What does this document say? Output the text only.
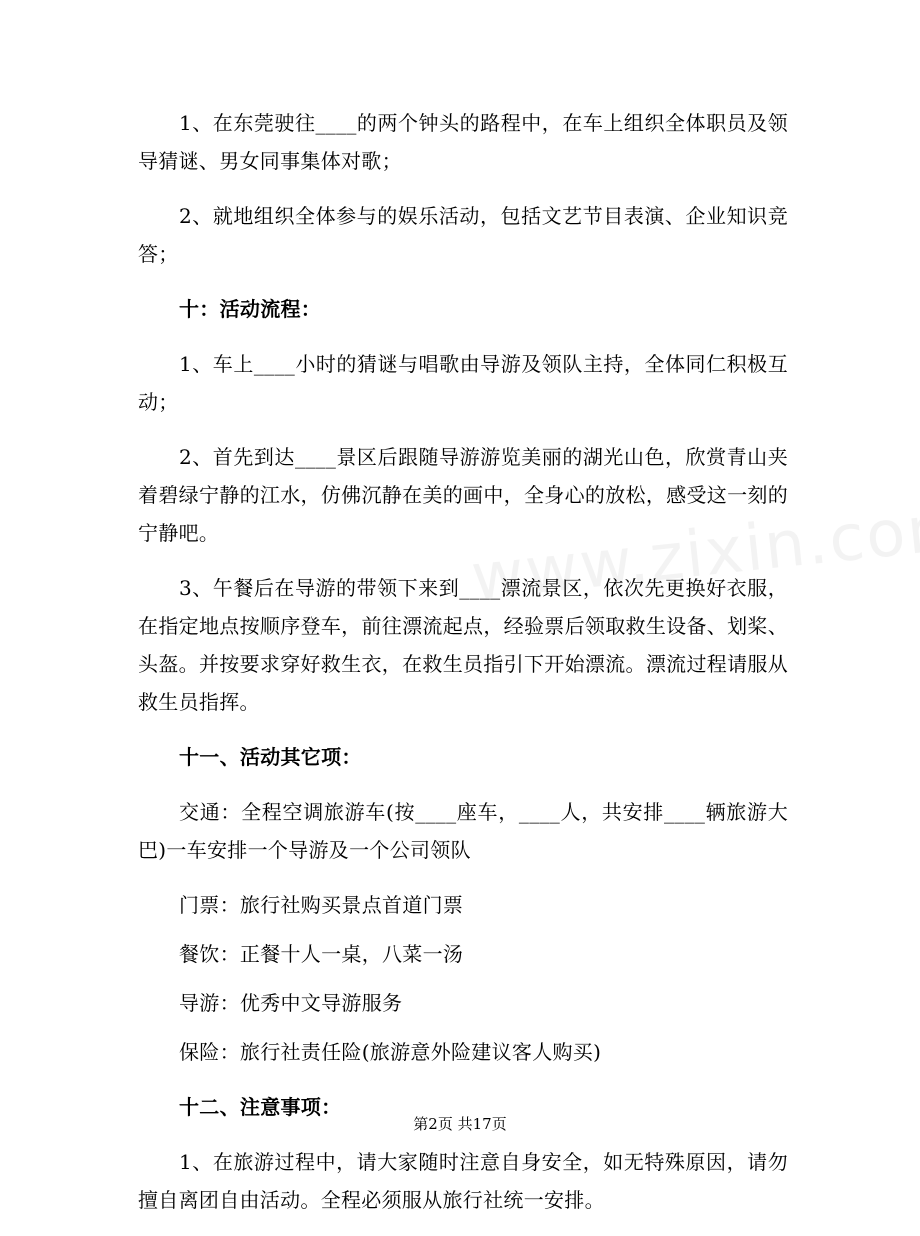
1、在东莞驶往____的两个钟头的路程中，在车上组织全体职员及领导猜谜、男女同事集体对歌；

2、就地组织全体参与的娱乐活动，包括文艺节目表演、企业知识竞答；

十：活动流程：

1、车上____小时的猜谜与唱歌由导游及领队主持，全体同仁积极互动；

2、首先到达____景区后跟随导游游览美丽的湖光山色，欣赏青山夹着碧绿宁静的江水，仿佛沉静在美的画中，全身心的放松，感受这一刻的宁静吧。

3、午餐后在导游的带领下来到____漂流景区，依次先更换好衣服，在指定地点按顺序登车，前往漂流起点，经验票后领取救生设备、划桨、头盔。并按要求穿好救生衣，在救生员指引下开始漂流。漂流过程请服从救生员指挥。

十一、活动其它项：

交通：全程空调旅游车(按____座车，____人，共安排____辆旅游大巴)一车安排一个导游及一个公司领队

门票：旅行社购买景点首道门票

餐饮：正餐十人一桌，八菜一汤

导游：优秀中文导游服务

保险：旅行社责任险(旅游意外险建议客人购买)

十二、注意事项：

1、在旅游过程中，请大家随时注意自身安全，如无特殊原因，请勿擅自离团自由活动。全程必须服从旅行社统一安排。

第2页 共17页
